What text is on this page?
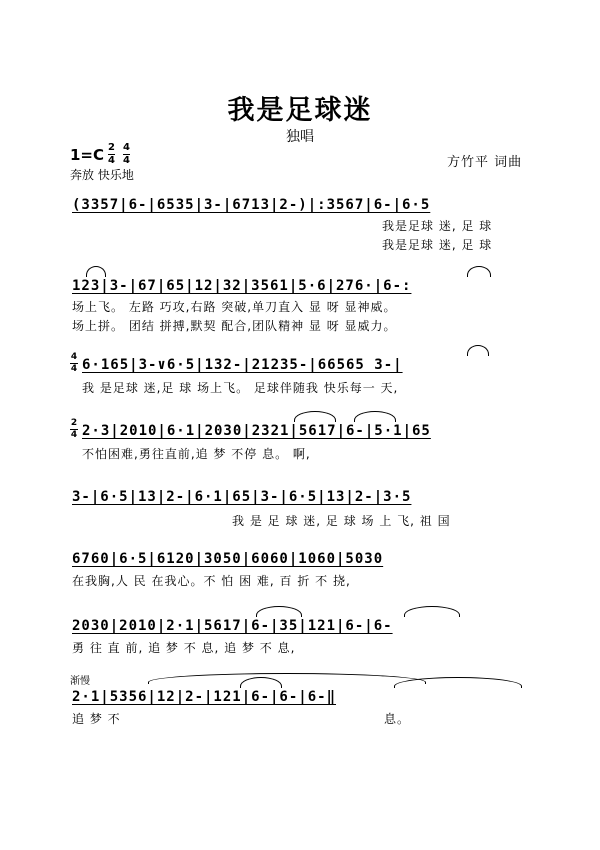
我是足球迷
独唱
1=C 2
4
4
4
奔放 快乐地
方竹平 词曲
(3357|6-|6535|3-|6713|2-)|:3567|6-|6·5
我是足球 迷, 足 球
我是足球 迷, 足 球
123|3-|67|65|12|32|3561|5·6|276·|6-:
场上飞。 左路 巧攻,右路 突破,单刀直入 显 呀 显神威。
场上拼。 团结 拼搏,默契 配合,团队精神 显 呀 显威力。
4
4 6·165|3-∨6·5|132-|21235-|66565 3-|
我 是足球 迷,足 球 场上飞。 足球伴随我 快乐每一 天,
2
4 2·3|2010|6·1|2030|2321|5617|6-|5·1|65
不怕困难,勇往直前,追 梦 不停 息。 啊,
3-|6·5|13|2-|6·1|65|3-|6·5|13|2-|3·5
我 是 足 球 迷, 足 球 场 上 飞, 祖 国
6760|6·5|6120|3050|6060|1060|5030
在我胸,人 民 在我心。不 怕 困 难, 百 折 不 挠,
2030|2010|2·1|5617|6-|35|121|6-|6-
勇 往 直 前, 追 梦 不 息, 追 梦 不 息,
渐慢
2·1|5356|12|2-|121|6-|6-|6-‖
追 梦 不	息。
